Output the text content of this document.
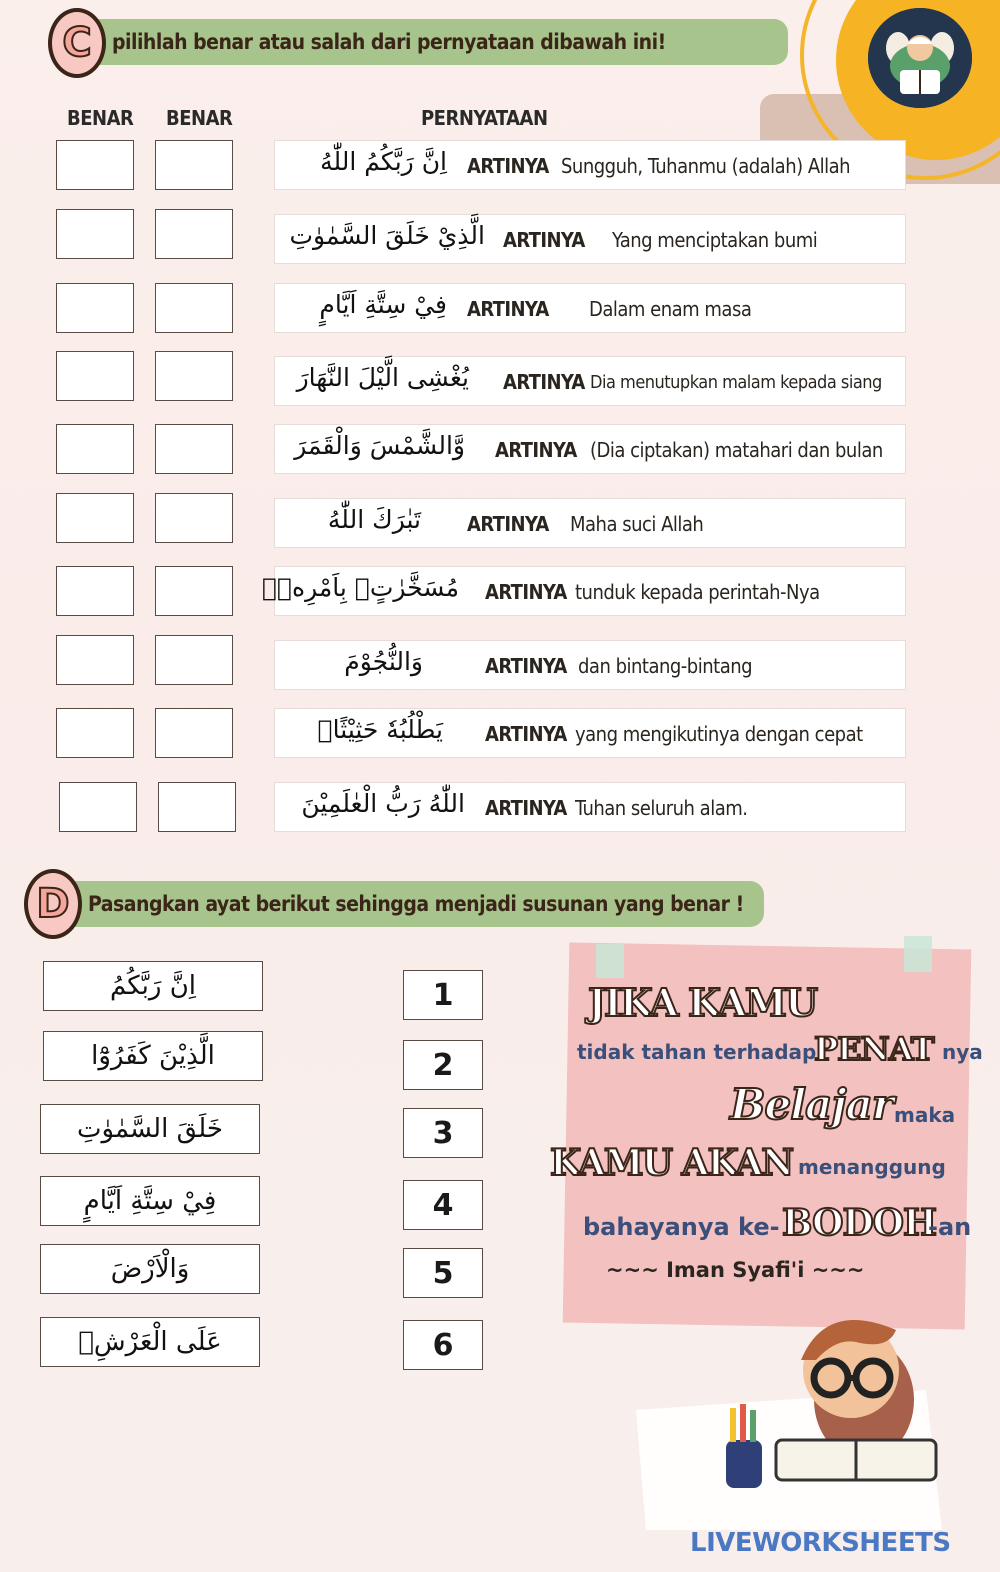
pilihlah benar atau salah dari pernyataan dibawah ini!
C
BENAR BENAR	PERNYATAAN
اِنَّ رَبَّكُمُ اللّٰهُ ARTINYA Sungguh, Tuhanmu (adalah) Allah
الَّذِيْ خَلَقَ السَّمٰوٰتِ ARTINYA Yang menciptakan bumi
فِيْ سِتَّةِ اَيَّامٍ ARTINYA Dalam enam masa
يُغْشِى الَّيْلَ النَّهَارَ ARTINYA Dia menutupkan malam kepada siang
وَّالشَّمْسَ وَالْقَمَرَ ARTINYA (Dia ciptakan) matahari dan bulan
تَبٰرَكَ اللّٰهُ ARTINYA Maha suci Allah
مُسَخَّرٰتٍۢ بِاَمْرِهٖۗ ARTINYA tunduk kepada perintah-Nya
وَالنُّجُوْمَ	ARTINYA dan bintang-bintang
يَطْلُبُهٗ حَثِيْثًاۙ ARTINYA yang mengikutinya dengan cepat
اللّٰهُ رَبُّ الْعٰلَمِيْنَ ARTINYA Tuhan seluruh alam.
Pasangkan ayat berikut sehingga menjadi susunan yang benar !
D
اِنَّ رَبَّكُمُ
الَّذِيْنَ كَفَرُوْٓا
خَلَقَ السَّمٰوٰتِ
فِيْ سِتَّةِ اَيَّامٍ
وَالْاَرْضَ
عَلَى الْعَرْشِۗ
1
2
3
4
5
6
JIKA KAMU
tidak tahan terhadap
PENAT nya
Belajar maka
KAMU AKAN menanggung
bahayanya ke- BODOH
-an
~~~ Iman Syafi'i ~~~
LIVEWORKSHEETS
